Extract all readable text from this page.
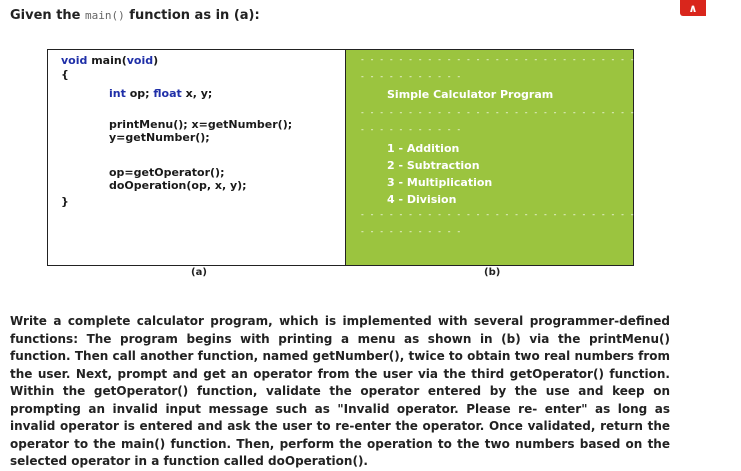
Given the main() function as in (a):	∧
void main(void)
{
int op; float x, y;
printMenu(); x=getNumber();
y=getNumber();
op=getOperator();
doOperation(op, x, y);
}
- - - - - - - - - - - - - - - - - - - - - - - - - - - - - - - - - - - - - - - -
- - - - - - - - - - -
Simple Calculator Program
- - - - - - - - - - - - - - - - - - - - - - - - - - - - - - - - - - - - - - - -
- - - - - - - - - - -
1 - Addition
2 - Subtraction
3 - Multiplication
4 - Division
- - - - - - - - - - - - - - - - - - - - - - - - - - - - - - - - - - - - - - - -
- - - - - - - - - - -
(a)	(b)
Write a complete calculator program, which is implemented with several programmer-defined functions: The program begins with printing a menu as shown in (b) via the printMenu() function. Then call another function, named getNumber(), twice to obtain two real numbers from the user. Next, prompt and get an operator from the user via the third getOperator() function. Within the getOperator() function, validate the operator entered by the use and keep on prompting an invalid input message such as "Invalid operator. Please re- enter" as long as invalid operator is entered and ask the user to re-enter the operator. Once validated, return the operator to the main() function. Then, perform the operation to the two numbers based on the selected operator in a function called doOperation().
